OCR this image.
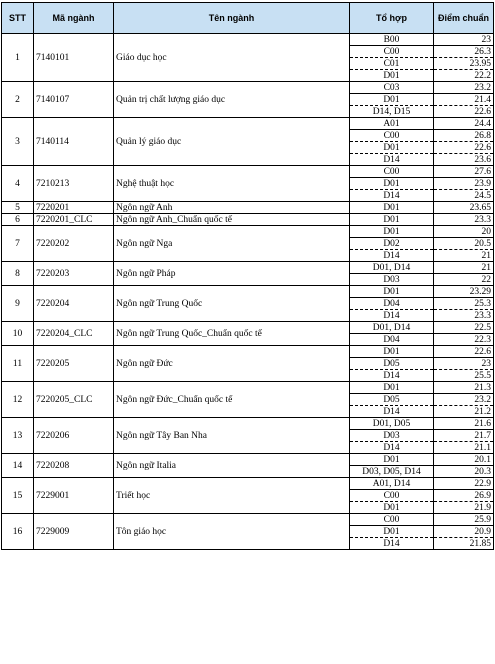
STT	Mã ngành	Tên ngành	Tổ hợp	Điểm chuẩn
1	7140101	Giáo dục học	B00	23
			C00	26.3
			C01	23.95
			D01	22.2
2	7140107	Quản trị chất lượng giáo dục	C03	23.2
			D01	21.4
			D14, D15	22.6
3	7140114	Quản lý giáo dục	A01	24.4
			C00	26.8
			D01	22.6
			D14	23.6
4	7210213	Nghệ thuật học	C00	27.6
			D01	23.9
			D14	24.5
5	7220201	Ngôn ngữ Anh	D01	23.65
6	7220201_CLC	Ngôn ngữ Anh_Chuẩn quốc tế	D01	23.3
7	7220202	Ngôn ngữ Nga	D01	20
			D02	20.5
			D14	21
8	7220203	Ngôn ngữ Pháp	D01, D14	21
			D03	22
9	7220204	Ngôn ngữ Trung Quốc	D01	23.29
			D04	25.3
			D14	23.3
10	7220204_CLC	Ngôn ngữ Trung Quốc_Chuẩn quốc tế	D01, D14	22.5
			D04	22.3
11	7220205	Ngôn ngữ Đức	D01	22.6
			D05	23
			D14	25.5
12	7220205_CLC	Ngôn ngữ Đức_Chuẩn quốc tế	D01	21.3
			D05	23.2
			D14	21.2
13	7220206	Ngôn ngữ Tây Ban Nha	D01, D05	21.6
			D03	21.7
			D14	21.1
14	7220208	Ngôn ngữ Italia	D01	20.1
			D03, D05, D14	20.3
15	7229001	Triết học	A01, D14	22.9
			C00	26.9
			D01	21.9
16	7229009	Tôn giáo học	C00	25.9
			D01	20.9
			D14	21.85
